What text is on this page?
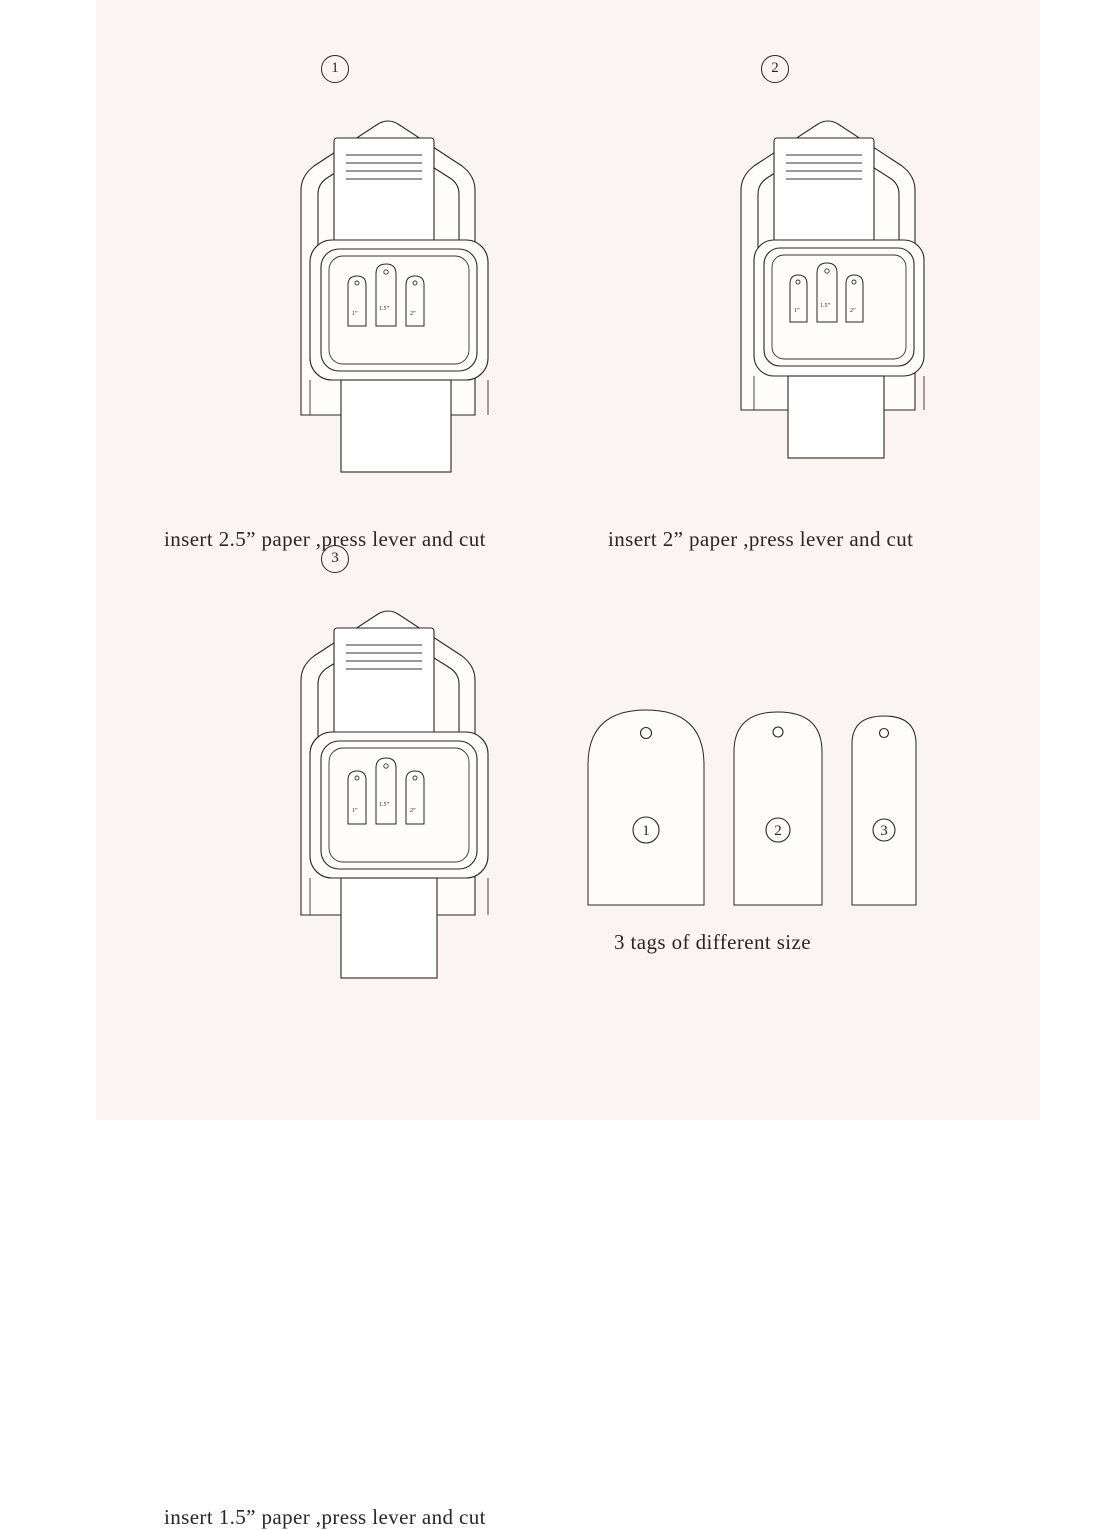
1
1”
1.5”
2”
insert 2.5” paper ,press lever and cut
2
1”
1.5”
2”
insert 2” paper ,press lever and cut
3
1”
1.5”
2”
insert 1.5” paper ,press lever and cut
1	2	3
3 tags of different size
